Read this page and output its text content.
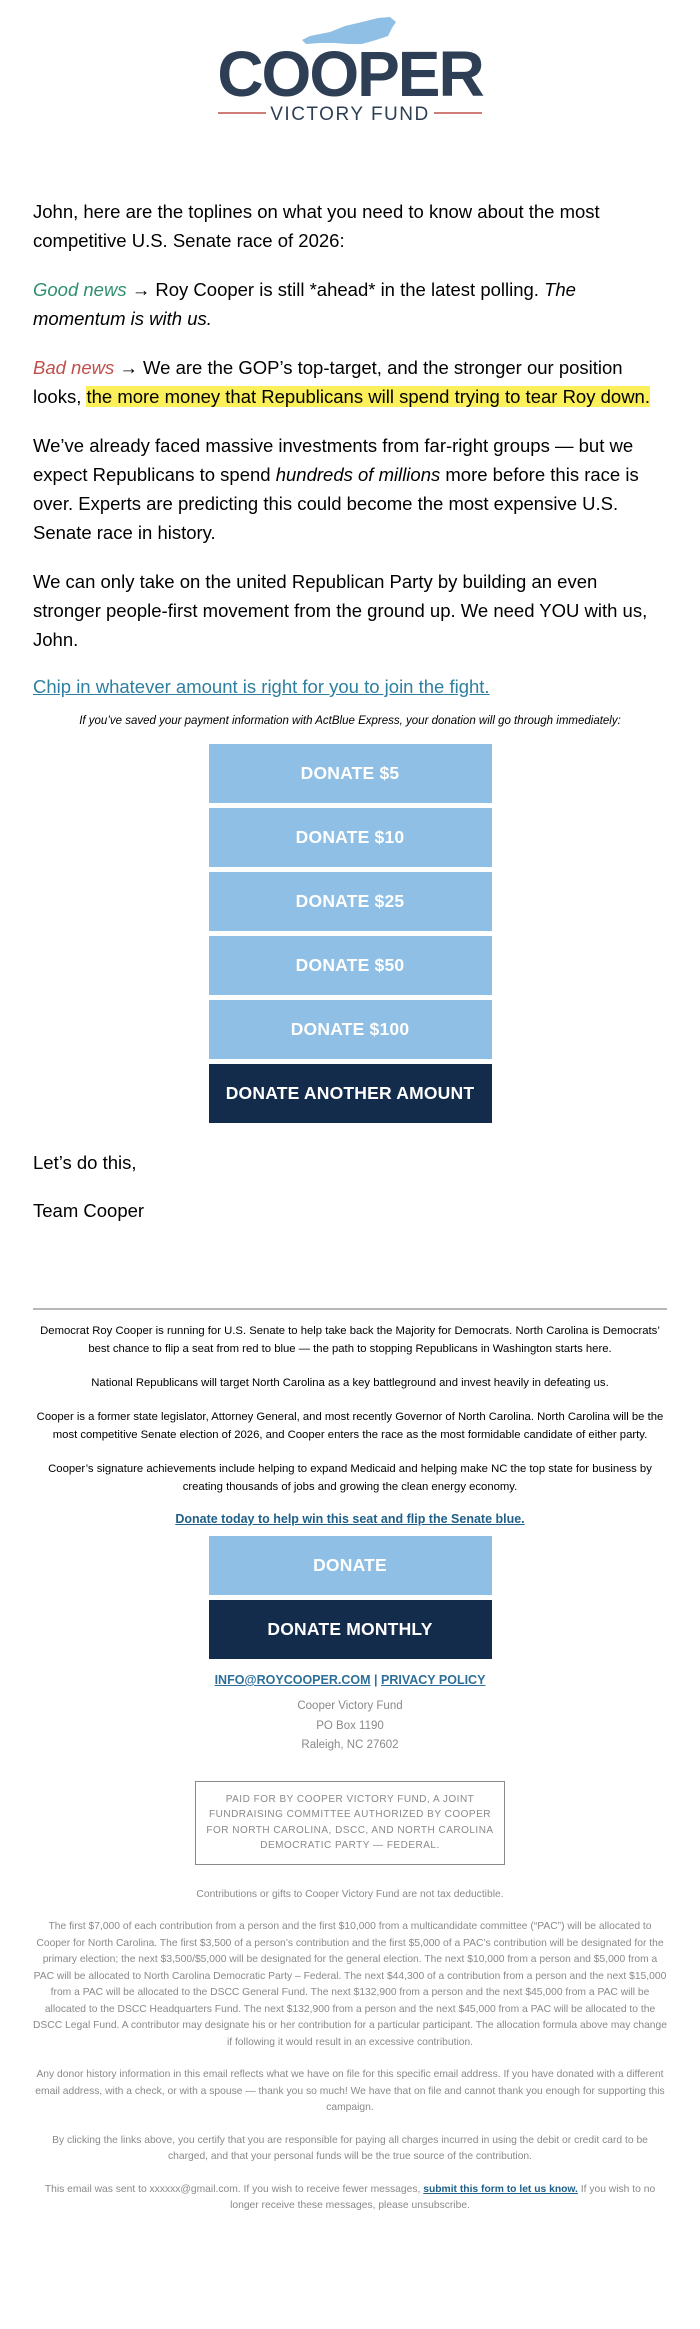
COOPER
VICTORY FUND

John, here are the toplines on what you need to know about the most competitive U.S. Senate race of 2026:

Good news → Roy Cooper is still *ahead* in the latest polling. The momentum is with us.

Bad news → We are the GOP’s top-target, and the stronger our position looks, the more money that Republicans will spend trying to tear Roy down.

We’ve already faced massive investments from far-right groups — but we expect Republicans to spend hundreds of millions more before this race is over. Experts are predicting this could become the most expensive U.S. Senate race in history.

We can only take on the united Republican Party by building an even stronger people-first movement from the ground up. We need YOU with us, John.

Chip in whatever amount is right for you to join the fight.
If you’ve saved your payment information with ActBlue Express, your donation will go through immediately:
DONATE $5
DONATE $10
DONATE $25
DONATE $50
DONATE $100
DONATE ANOTHER AMOUNT
Let’s do this,
Team Cooper

Democrat Roy Cooper is running for U.S. Senate to help take back the Majority for Democrats. North Carolina is Democrats’ best chance to flip a seat from red to blue — the path to stopping Republicans in Washington starts here.

National Republicans will target North Carolina as a key battleground and invest heavily in defeating us.

Cooper is a former state legislator, Attorney General, and most recently Governor of North Carolina. North Carolina will be the most competitive Senate election of 2026, and Cooper enters the race as the most formidable candidate of either party.

Cooper’s signature achievements include helping to expand Medicaid and helping make NC the top state for business by creating thousands of jobs and growing the clean energy economy.

Donate today to help win this seat and flip the Senate blue.
DONATE
DONATE MONTHLY
INFO@ROYCOOPER.COM | PRIVACY POLICY
Cooper Victory Fund
PO Box 1190
Raleigh, NC 27602
PAID FOR BY COOPER VICTORY FUND, A JOINT FUNDRAISING COMMITTEE AUTHORIZED BY COOPER FOR NORTH CAROLINA, DSCC, AND NORTH CAROLINA DEMOCRATIC PARTY — FEDERAL.

Contributions or gifts to Cooper Victory Fund are not tax deductible.

The first $7,000 of each contribution from a person and the first $10,000 from a multicandidate committee (“PAC”) will be allocated to Cooper for North Carolina. The first $3,500 of a person’s contribution and the first $5,000 of a PAC’s contribution will be designated for the primary election; the next $3,500/$5,000 will be designated for the general election. The next $10,000 from a person and $5,000 from a PAC will be allocated to North Carolina Democratic Party – Federal. The next $44,300 of a contribution from a person and the next $15,000 from a PAC will be allocated to the DSCC General Fund. The next $132,900 from a person and the next $45,000 from a PAC will be allocated to the DSCC Headquarters Fund. The next $132,900 from a person and the next $45,000 from a PAC will be allocated to the DSCC Legal Fund. A contributor may designate his or her contribution for a particular participant. The allocation formula above may change if following it would result in an excessive contribution.

Any donor history information in this email reflects what we have on file for this specific email address. If you have donated with a different email address, with a check, or with a spouse — thank you so much! We have that on file and cannot thank you enough for supporting this campaign.

By clicking the links above, you certify that you are responsible for paying all charges incurred in using the debit or credit card to be charged, and that your personal funds will be the true source of the contribution.

This email was sent to xxxxxx@gmail.com. If you wish to receive fewer messages, submit this form to let us know. If you wish to no longer receive these messages, please unsubscribe.
